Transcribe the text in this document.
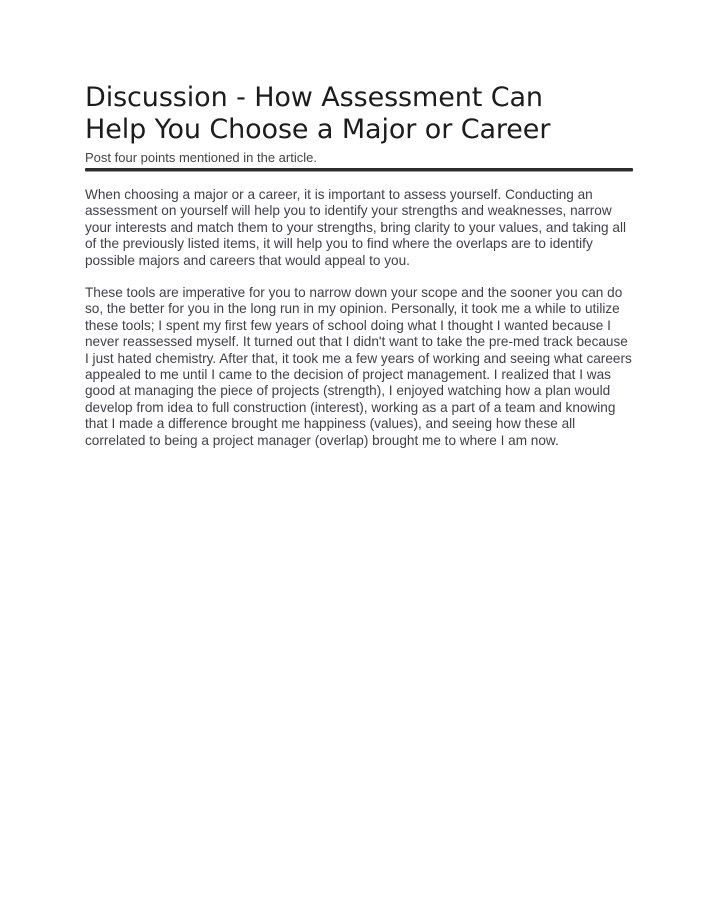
Discussion - How Assessment Can
Help You Choose a Major or Career

Post four points mentioned in the article.

When choosing a major or a career, it is important to assess yourself. Conducting an assessment on yourself will help you to identify your strengths and weaknesses, narrow your interests and match them to your strengths, bring clarity to your values, and taking all of the previously listed items, it will help you to find where the overlaps are to identify possible majors and careers that would appeal to you.

These tools are imperative for you to narrow down your scope and the sooner you can do so, the better for you in the long run in my opinion. Personally, it took me a while to utilize these tools; I spent my first few years of school doing what I thought I wanted because I never reassessed myself. It turned out that I didn't want to take the pre-med track because I just hated chemistry. After that, it took me a few years of working and seeing what careers appealed to me until I came to the decision of project management. I realized that I was good at managing the piece of projects (strength), I enjoyed watching how a plan would develop from idea to full construction (interest), working as a part of a team and knowing that I made a difference brought me happiness (values), and seeing how these all correlated to being a project manager (overlap) brought me to where I am now.
